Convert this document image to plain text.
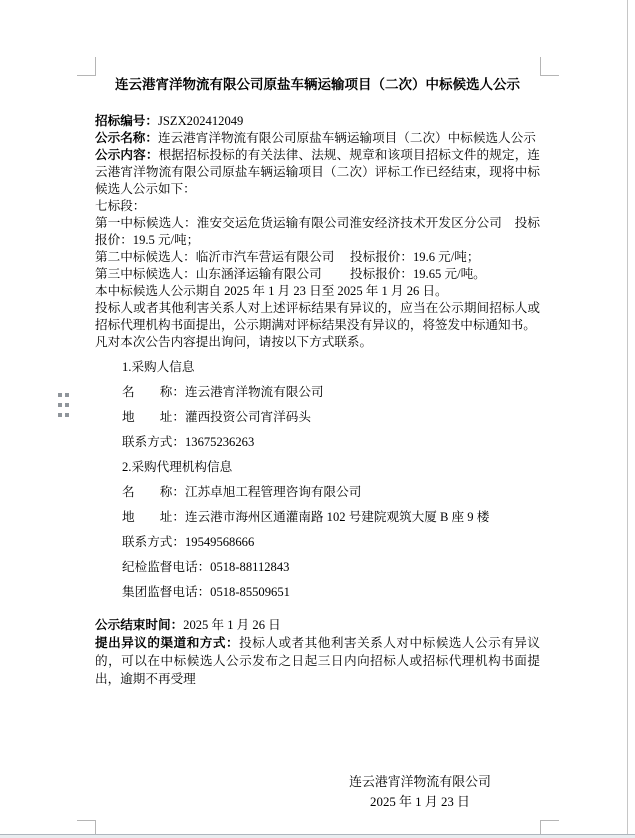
连云港宵洋物流有限公司原盐车辆运输项目（二次）中标候选人公示

招标编号：JSZX202412049

公示名称：连云港宵洋物流有限公司原盐车辆运输项目（二次）中标候选人公示

公示内容：根据招标投标的有关法律、法规、规章和该项目招标文件的规定，连云港宵洋物流有限公司原盐车辆运输项目（二次）评标工作已经结束，现将中标候选人公示如下：

七标段：

第一中标候选人：淮安交运危货运输有限公司淮安经济技术开发区分公司　投标报价：19.5 元/吨；

第二中标候选人：临沂市汽车营运有限公司　 投标报价：19.6 元/吨；

第三中标候选人：山东涵泽运输有限公司　　 投标报价：19.65 元/吨。

本中标候选人公示期自 2025 年 1 月 23 日至 2025 年 1 月 26 日。

投标人或者其他利害关系人对上述评标结果有异议的，应当在公示期间招标人或招标代理机构书面提出，公示期满对评标结果没有异议的，将签发中标通知书。

凡对本次公告内容提出询问，请按以下方式联系。

1.采购人信息

名　　称：连云港宵洋物流有限公司

地　　址：灌西投资公司宵洋码头

联系方式：13675236263

2.采购代理机构信息

名　　称：江苏卓旭工程管理咨询有限公司

地　　址：连云港市海州区通灌南路 102 号建院观筑大厦 B 座 9 楼

联系方式：19549568666

纪检监督电话：0518-88112843

集团监督电话：0518-85509651

公示结束时间：2025 年 1 月 26 日

提出异议的渠道和方式：投标人或者其他利害关系人对中标候选人公示有异议的，可以在中标候选人公示发布之日起三日内向招标人或招标代理机构书面提出，逾期不再受理

连云港宵洋物流有限公司
2025 年 1 月 23 日
